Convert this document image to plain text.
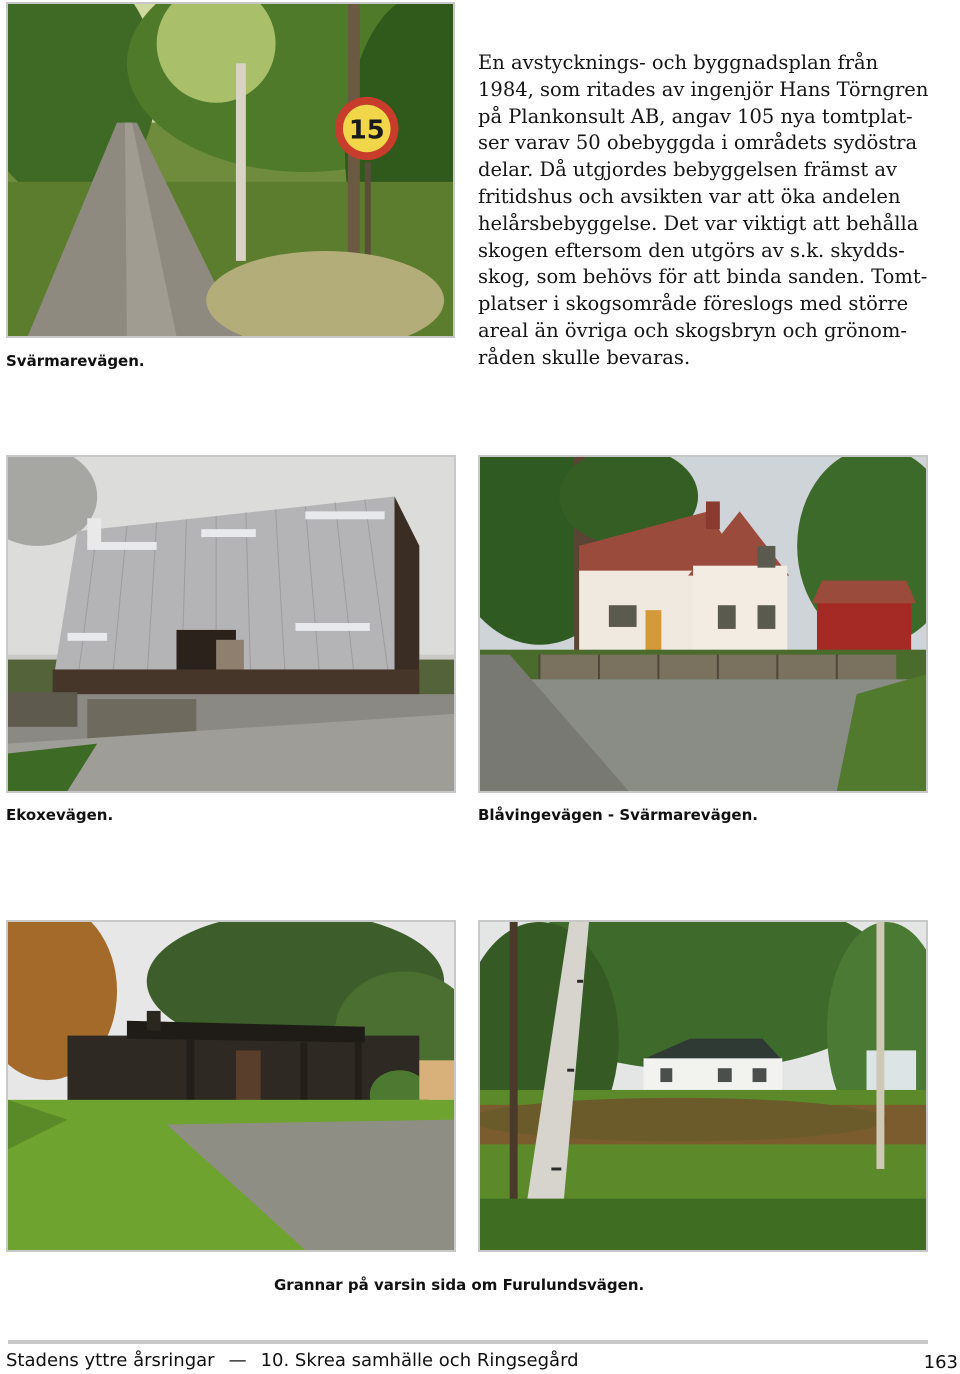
15
Svärmarevägen.
En avstycknings- och byggnadsplan från
1984, som ritades av ingenjör Hans Törngren
på Plankonsult AB, angav 105 nya tomtplat-
ser varav 50 obebyggda i områdets sydöstra
delar. Då utgjordes bebyggelsen främst av
fritidshus och avsikten var att öka andelen
helårsbebyggelse. Det var viktigt att behålla
skogen eftersom den utgörs av s.k. skydds-
skog, som behövs för att binda sanden. Tomt-
platser i skogsområde föreslogs med större
areal än övriga och skogsbryn och grönom-
råden skulle bevaras.
Ekoxevägen.	Blåvingevägen - Svärmarevägen.
Grannar på varsin sida om Furulundsvägen.
Stadens yttre årsringar — 10. Skrea samhälle och Ringsegård	163
